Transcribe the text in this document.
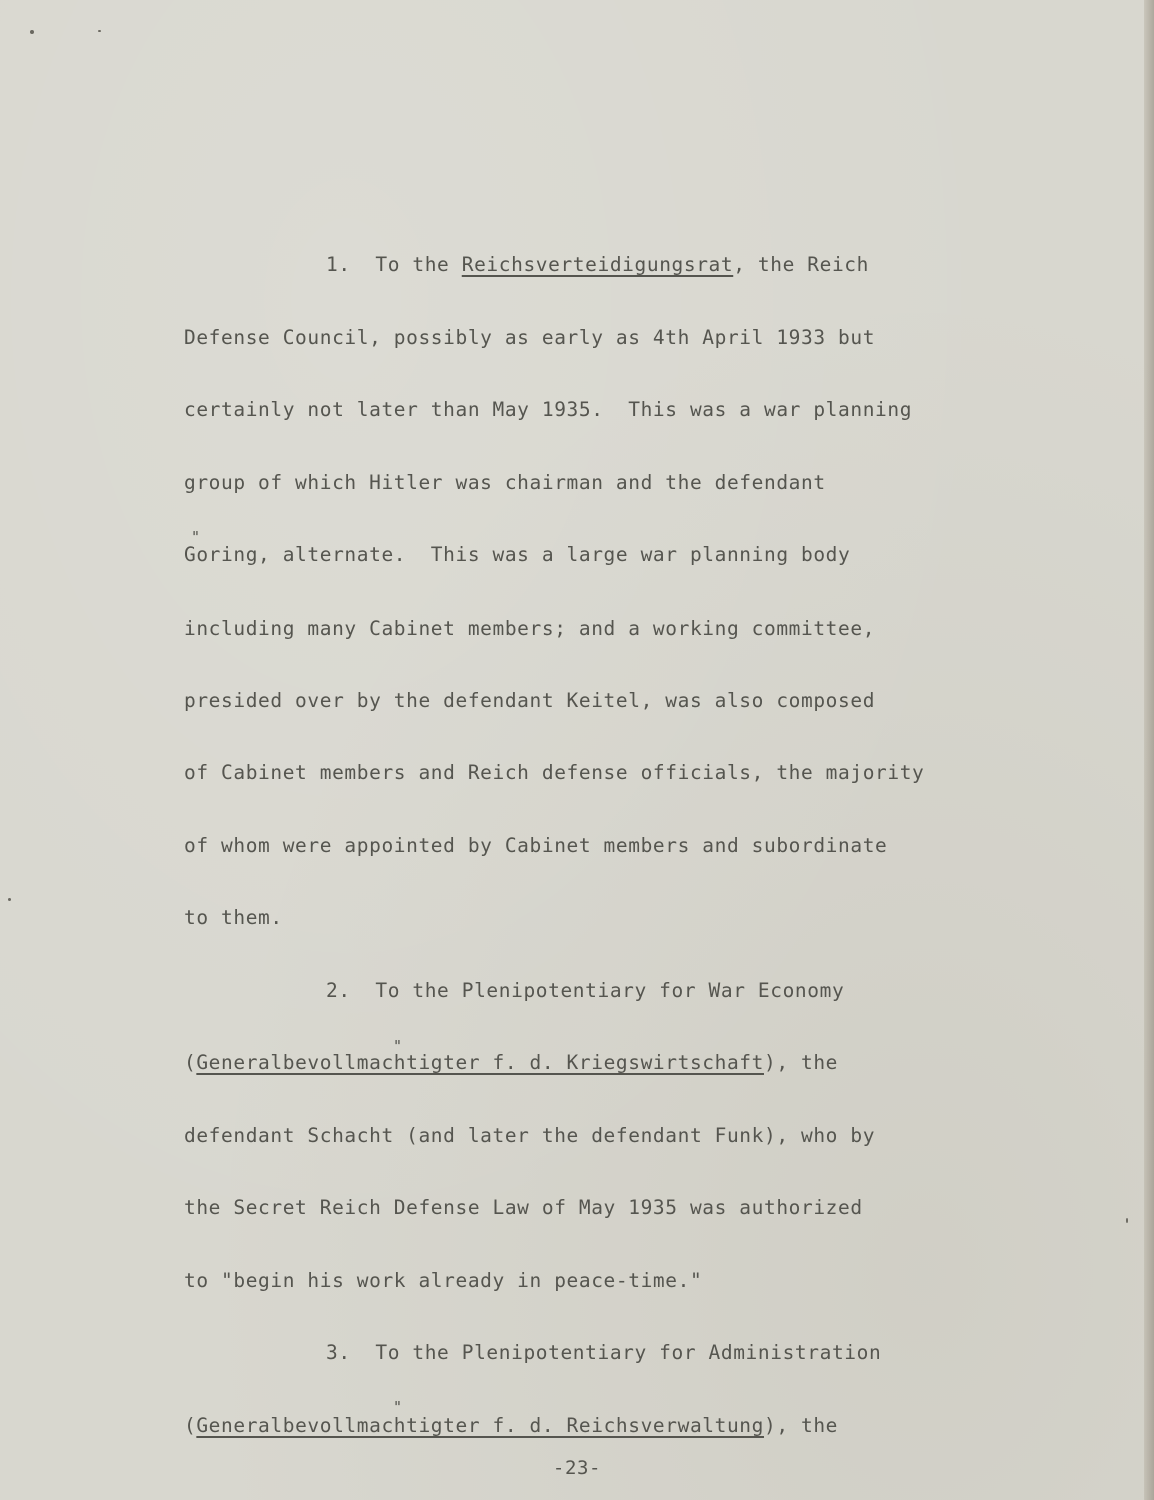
1.  To the Reichsverteidigungsrat, the Reich
Defense Council, possibly as early as 4th April 1933 but
certainly not later than May 1935.  This was a war planning
group of which Hitler was chairman and the defendant
Goring, alternate.  This was a large war planning body
including many Cabinet members; and a working committee,
presided over by the defendant Keitel, was also composed
of Cabinet members and Reich defense officials, the majority
of whom were appointed by Cabinet members and subordinate
to them.
2.  To the Plenipotentiary for War Economy
(Generalbevollmachtigter f. d. Kriegswirtschaft), the
defendant Schacht (and later the defendant Funk), who by
the Secret Reich Defense Law of May 1935 was authorized
to "begin his work already in peace-time."
3.  To the Plenipotentiary for Administration
(Generalbevollmachtigter f. d. Reichsverwaltung), the
"
"
"
-23-
